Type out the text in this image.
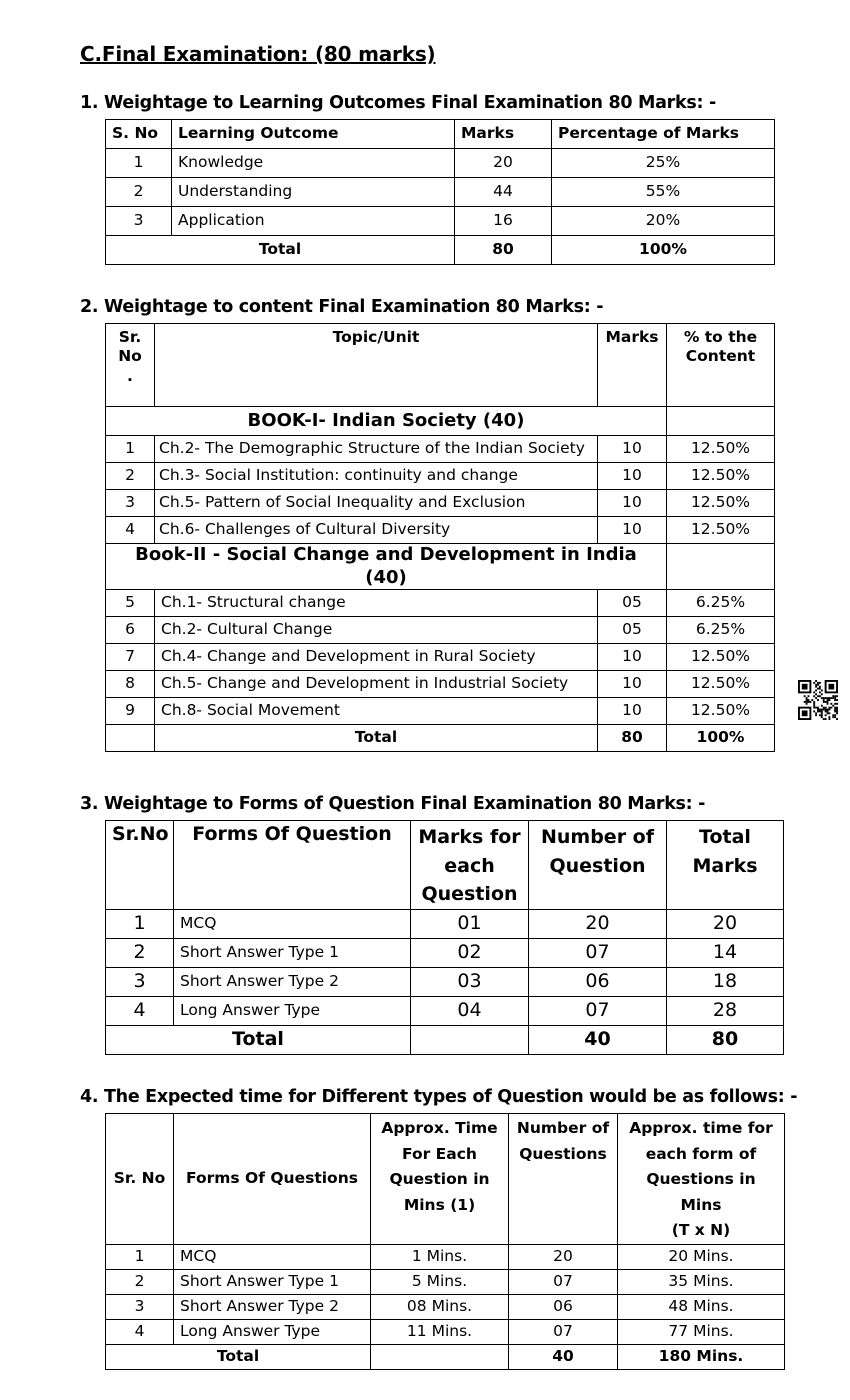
C.Final Examination: (80 marks)
1. Weightage to Learning Outcomes Final Examination 80 Marks: -
S. No	Learning Outcome	Marks	Percentage of Marks
1	Knowledge	20	25%
2	Understanding	44	55%
3	Application	16	20%
Total		80	100%
2. Weightage to content Final Examination 80 Marks: -
Sr.
No
.	Topic/Unit	Marks	% to the
Content
BOOK-I- Indian Society (40)			
1	Ch.2- The Demographic Structure of the Indian Society	10	12.50%
2	Ch.3- Social Institution: continuity and change	10	12.50%
3	Ch.5- Pattern of Social Inequality and Exclusion	10	12.50%
4	Ch.6- Challenges of Cultural Diversity	10	12.50%
Book-II - Social Change and Development in India (40)			
5	Ch.1- Structural change	05	6.25%
6	Ch.2- Cultural Change	05	6.25%
7	Ch.4- Change and Development in Rural Society	10	12.50%
8	Ch.5- Change and Development in Industrial Society	10	12.50%
9	Ch.8- Social Movement	10	12.50%
	Total	80	100%
3. Weightage to Forms of Question Final Examination 80 Marks: -
Sr.No	Forms Of Question	Marks for
each
Question	Number of
Question	Total
Marks
1	MCQ	01	20	20
2	Short Answer Type 1	02	07	14
3	Short Answer Type 2	03	06	18
4	Long Answer Type	04	07	28
Total			40	80
4. The Expected time for Different types of Question would be as follows: -
Sr. No	Forms Of Questions	Approx. Time
For Each
Question in
Mins (1)	Number of
Questions	Approx. time for
each form of
Questions in Mins
(T x N)
1	MCQ	1 Mins.	20	20 Mins.
2	Short Answer Type 1	5 Mins.	07	35 Mins.
3	Short Answer Type 2	08 Mins.	06	48 Mins.
4	Long Answer Type	11 Mins.	07	77 Mins.
Total			40	180 Mins.
